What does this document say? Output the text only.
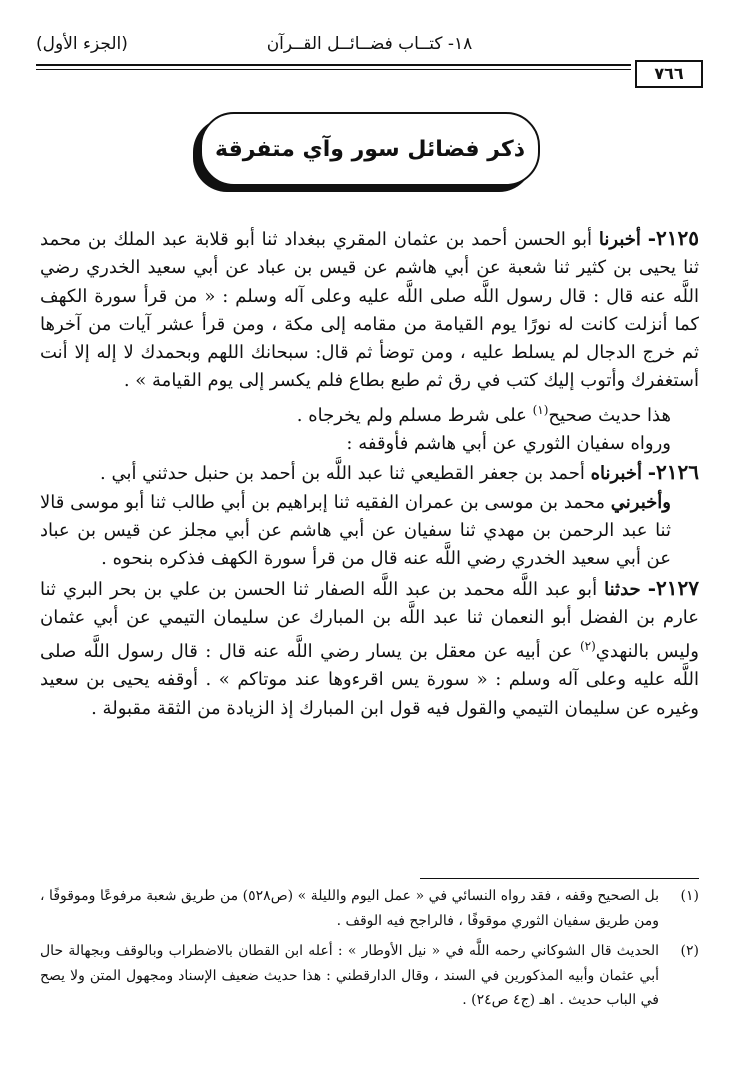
١٨- كتــاب فضــائــل القــرآن
(الجزء الأول)
٧٦٦
ذكر فضائل سور وآي متفرقة

٢١٢٥- أخبرنا أبو الحسن أحمد بن عثمان المقري ببغداد ثنا أبو قلابة عبد الملك بن محمد ثنا يحيى بن كثير ثنا شعبة عن أبي هاشم عن قيس بن عباد عن أبي سعيد الخدري رضي اللَّه عنه قال : قال رسول اللَّه صلى اللَّه عليه وعلى آله وسلم : « من قرأ سورة الكهف كما أنزلت كانت له نورًا يوم القيامة من مقامه إلى مكة ، ومن قرأ عشر آيات من آخرها ثم خرج الدجال لم يسلط عليه ، ومن توضأ ثم قال: سبحانك اللهم وبحمدك لا إله إلا أنت أستغفرك وأتوب إليك كتب في رق ثم طبع بطاع فلم يكسر إلى يوم القيامة » .

هذا حديث صحيح$^{(١)}$ على شرط مسلم ولم يخرجاه .

ورواه سفيان الثوري عن أبي هاشم فأوقفه :

٢١٢٦- أخبرناه أحمد بن جعفر القطيعي ثنا عبد اللَّه بن أحمد بن حنبل حدثني أبي .

وأخبرني محمد بن موسى بن عمران الفقيه ثنا إبراهيم بن أبي طالب ثنا أبو موسى قالا ثنا عبد الرحمن بن مهدي ثنا سفيان عن أبي هاشم عن أبي مجلز عن قيس بن عباد عن أبي سعيد الخدري رضي اللَّه عنه قال من قرأ سورة الكهف فذكره بنحوه .

٢١٢٧- حدثنا أبو عبد اللَّه محمد بن عبد اللَّه الصفار ثنا الحسن بن علي بن بحر البري ثنا عارم بن الفضل أبو النعمان ثنا عبد اللَّه بن المبارك عن سليمان التيمي عن أبي عثمان وليس بالنهدي$^{(٢)}$ عن أبيه عن معقل بن يسار رضي اللَّه عنه قال : قال رسول اللَّه صلى اللَّه عليه وعلى آله وسلم : « سورة يس اقرءوها عند موتاكم » . أوقفه يحيى بن سعيد وغيره عن سليمان التيمي والقول فيه قول ابن المبارك إذ الزيادة من الثقة مقبولة .

(١)
بل الصحيح وقفه ، فقد رواه النسائي في « عمل اليوم والليلة » (ص٥٢٨) من طريق شعبة مرفوعًا وموقوفًا ، ومن طريق سفيان الثوري موقوفًا ، فالراجح فيه الوقف .

(٢)
الحديث قال الشوكاني رحمه اللَّه في « نيل الأوطار » : أعله ابن القطان بالاضطراب وبالوقف وبجهالة حال أبي عثمان وأبيه المذكورين في السند ، وقال الدارقطني : هذا حديث ضعيف الإسناد ومجهول المتن ولا يصح في الباب حديث . اهـ (ج٤ ص٢٤) .
